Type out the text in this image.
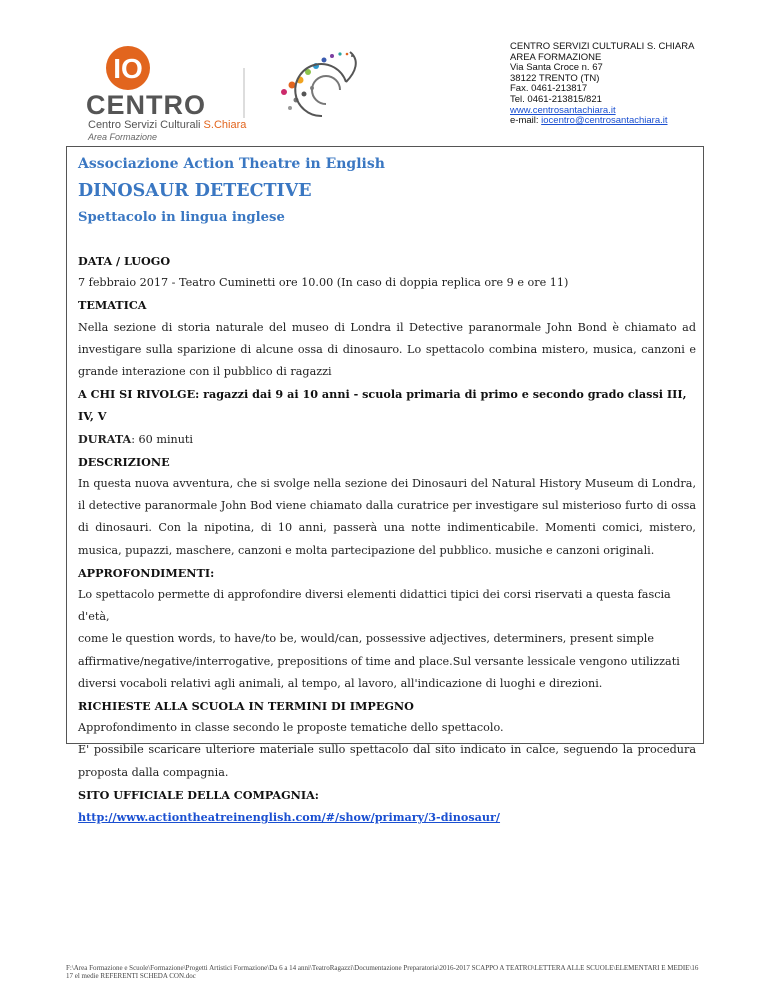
IO
CENTRO
Centro Servizi Culturali S.Chiara
Area Formazione
CENTRO SERVIZI CULTURALI S. CHIARA
AREA FORMAZIONE
Via Santa Croce n. 67
38122 TRENTO (TN)
Fax. 0461-213817
Tel. 0461-213815/821
www.centrosantachiara.it
e-mail: iocentro@centrosantachiara.it
Associazione Action Theatre in English
DINOSAUR DETECTIVE
Spettacolo in lingua inglese
DATA / LUOGO
7 febbraio 2017 - Teatro Cuminetti ore 10.00 (In caso di doppia replica ore 9 e ore 11)
TEMATICA
Nella sezione di storia naturale del museo di Londra il Detective paranormale John Bond è chiamato ad investigare sulla sparizione di alcune ossa di dinosauro. Lo spettacolo combina mistero, musica, canzoni e grande interazione con il pubblico di ragazzi
A CHI SI RIVOLGE: ragazzi dai 9 ai 10 anni - scuola primaria di primo e secondo grado classi III, IV, V
DURATA: 60 minuti
DESCRIZIONE
In questa nuova avventura, che si svolge nella sezione dei Dinosauri del Natural History Museum di Londra, il detective paranormale John Bod viene chiamato dalla curatrice per investigare sul misterioso furto di ossa di dinosauri. Con la nipotina, di 10 anni, passerà una notte indimenticabile. Momenti comici, mistero, musica, pupazzi, maschere, canzoni e molta partecipazione del pubblico. musiche e canzoni originali.
APPROFONDIMENTI:
Lo spettacolo permette di approfondire diversi elementi didattici tipici dei corsi riservati a questa fascia d'età,
come le question words, to have/to be, would/can, possessive adjectives, determiners, present simple
affirmative/negative/interrogative, prepositions of time and place.Sul versante lessicale vengono utilizzati
diversi vocaboli relativi agli animali, al tempo, al lavoro, all'indicazione di luoghi e direzioni.
RICHIESTE ALLA SCUOLA IN TERMINI DI IMPEGNO
Approfondimento in classe secondo le proposte tematiche dello spettacolo.
E' possibile scaricare ulteriore materiale sullo spettacolo dal sito indicato in calce, seguendo la procedura proposta dalla compagnia.
SITO UFFICIALE DELLA COMPAGNIA:
http://www.actiontheatreinenglish.com/#/show/primary/3-dinosaur/
F:\Area Formazione e Scuole\Formazione\Progetti Artistici Formazione\Da 6 a 14 anni\TeatroRagazzi\Documentazione Preparatoria\2016-2017 SCAPPO A TEATRO\LETTERA ALLE SCUOLE\ELEMENTARI E MEDIE\16 17 el medie REFERENTI SCHEDA CON.doc
